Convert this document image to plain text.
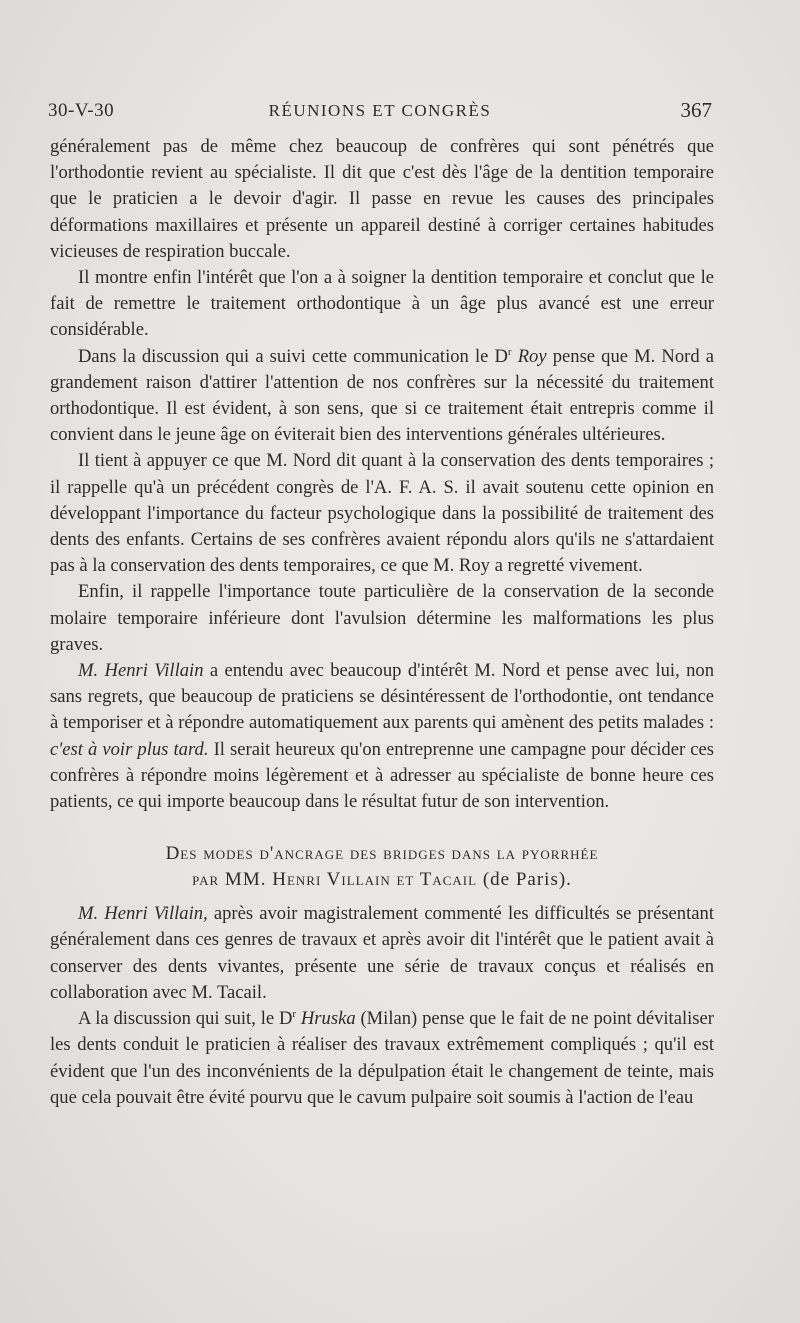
30-V-30	RÉUNIONS ET CONGRÈS	367

généralement pas de même chez beaucoup de confrères qui sont pénétrés que l'orthodontie revient au spécialiste. Il dit que c'est dès l'âge de la dentition temporaire que le praticien a le devoir d'agir. Il passe en revue les causes des principales déformations maxillaires et présente un appareil destiné à corriger certaines habitudes vicieuses de respiration buccale.

Il montre enfin l'intérêt que l'on a à soigner la dentition temporaire et conclut que le fait de remettre le traitement orthodontique à un âge plus avancé est une erreur considérable.

Dans la discussion qui a suivi cette communication le $D^r$ Roy pense que M. Nord a grandement raison d'attirer l'attention de nos confrères sur la nécessité du traitement orthodontique. Il est évident, à son sens, que si ce traitement était entrepris comme il convient dans le jeune âge on éviterait bien des interventions générales ultérieures.

Il tient à appuyer ce que M. Nord dit quant à la conservation des dents temporaires ; il rappelle qu'à un précédent congrès de l'A. F. A. S. il avait soutenu cette opinion en développant l'importance du facteur psychologique dans la possibilité de traitement des dents des enfants. Certains de ses confrères avaient répondu alors qu'ils ne s'attardaient pas à la conservation des dents temporaires, ce que M. Roy a regretté vivement.

Enfin, il rappelle l'importance toute particulière de la conservation de la seconde molaire temporaire inférieure dont l'avulsion détermine les malformations les plus graves.

M. Henri Villain a entendu avec beaucoup d'intérêt M. Nord et pense avec lui, non sans regrets, que beaucoup de praticiens se désintéressent de l'orthodontie, ont tendance à temporiser et à répondre automatiquement aux parents qui amènent des petits malades : c'est à voir plus tard. Il serait heureux qu'on entreprenne une campagne pour décider ces confrères à répondre moins légèrement et à adresser au spécialiste de bonne heure ces patients, ce qui importe beaucoup dans le résultat futur de son intervention.

Des modes d'ancrage des bridges dans la pyorrhée
par MM. Henri Villain et Tacail (de Paris).

M. Henri Villain, après avoir magistralement commenté les difficultés se présentant généralement dans ces genres de travaux et après avoir dit l'intérêt que le patient avait à conserver des dents vivantes, présente une série de travaux conçus et réalisés en collaboration avec M. Tacail.

A la discussion qui suit, le $D^r$ Hruska (Milan) pense que le fait de ne point dévitaliser les dents conduit le praticien à réaliser des travaux extrêmement compliqués ; qu'il est évident que l'un des inconvénients de la dépulpation était le changement de teinte, mais que cela pouvait être évité pourvu que le cavum pulpaire soit soumis à l'action de l'eau
